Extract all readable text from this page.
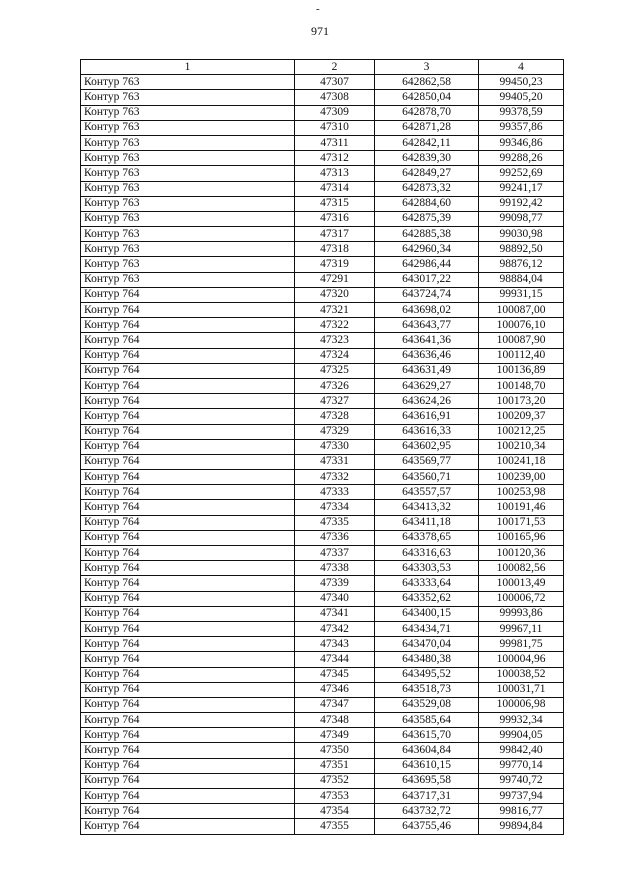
-
971
1	2	3	4
Контур 763	47307	642862,58	99450,23
Контур 763	47308	642850,04	99405,20
Контур 763	47309	642878,70	99378,59
Контур 763	47310	642871,28	99357,86
Контур 763	47311	642842,11	99346,86
Контур 763	47312	642839,30	99288,26
Контур 763	47313	642849,27	99252,69
Контур 763	47314	642873,32	99241,17
Контур 763	47315	642884,60	99192,42
Контур 763	47316	642875,39	99098,77
Контур 763	47317	642885,38	99030,98
Контур 763	47318	642960,34	98892,50
Контур 763	47319	642986,44	98876,12
Контур 763	47291	643017,22	98884,04
Контур 764	47320	643724,74	99931,15
Контур 764	47321	643698,02	100087,00
Контур 764	47322	643643,77	100076,10
Контур 764	47323	643641,36	100087,90
Контур 764	47324	643636,46	100112,40
Контур 764	47325	643631,49	100136,89
Контур 764	47326	643629,27	100148,70
Контур 764	47327	643624,26	100173,20
Контур 764	47328	643616,91	100209,37
Контур 764	47329	643616,33	100212,25
Контур 764	47330	643602,95	100210,34
Контур 764	47331	643569,77	100241,18
Контур 764	47332	643560,71	100239,00
Контур 764	47333	643557,57	100253,98
Контур 764	47334	643413,32	100191,46
Контур 764	47335	643411,18	100171,53
Контур 764	47336	643378,65	100165,96
Контур 764	47337	643316,63	100120,36
Контур 764	47338	643303,53	100082,56
Контур 764	47339	643333,64	100013,49
Контур 764	47340	643352,62	100006,72
Контур 764	47341	643400,15	99993,86
Контур 764	47342	643434,71	99967,11
Контур 764	47343	643470,04	99981,75
Контур 764	47344	643480,38	100004,96
Контур 764	47345	643495,52	100038,52
Контур 764	47346	643518,73	100031,71
Контур 764	47347	643529,08	100006,98
Контур 764	47348	643585,64	99932,34
Контур 764	47349	643615,70	99904,05
Контур 764	47350	643604,84	99842,40
Контур 764	47351	643610,15	99770,14
Контур 764	47352	643695,58	99740,72
Контур 764	47353	643717,31	99737,94
Контур 764	47354	643732,72	99816,77
Контур 764	47355	643755,46	99894,84
